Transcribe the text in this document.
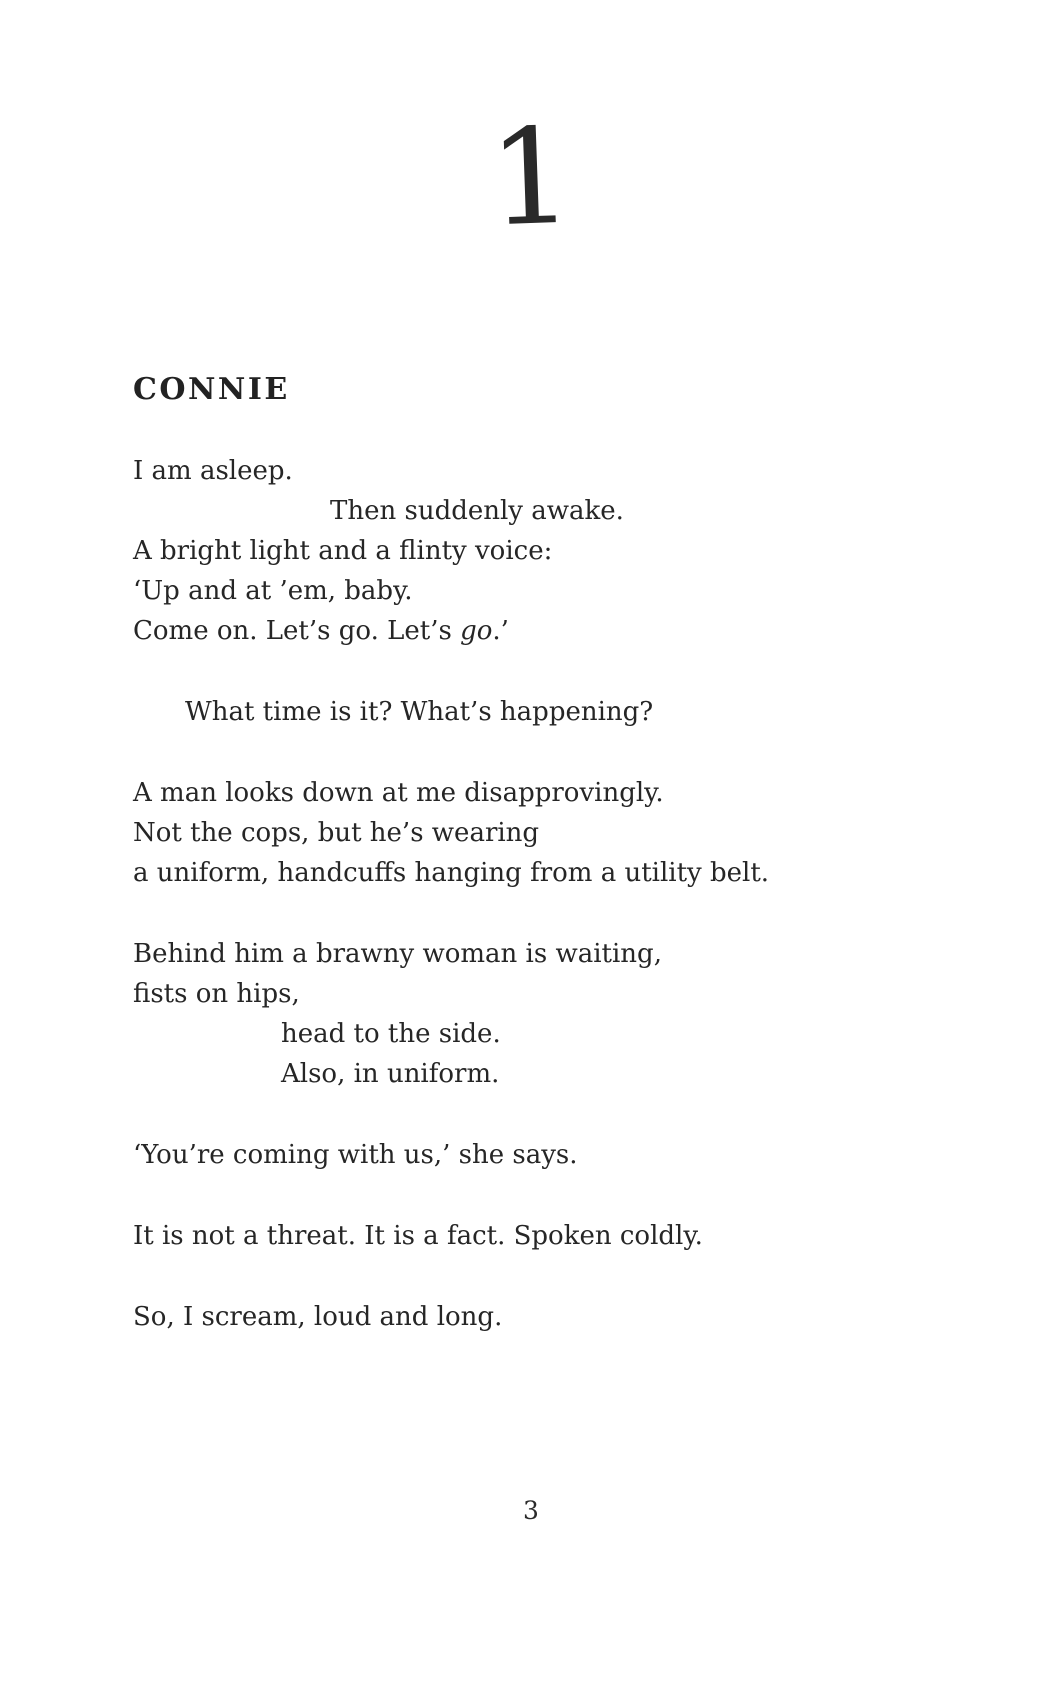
1
CONNIE
I am asleep.
Then suddenly awake.
A bright light and a flinty voice:
‘Up and at ’em, baby.
Come on. Let’s go. Let’s go.’
What time is it? What’s happening?
A man looks down at me disapprovingly.
Not the cops, but he’s wearing
a uniform, handcuffs hanging from a utility belt.
Behind him a brawny woman is waiting,
fists on hips,
head to the side.
Also, in uniform.
‘You’re coming with us,’ she says.
It is not a threat. It is a fact. Spoken coldly.
So, I scream, loud and long.
3
